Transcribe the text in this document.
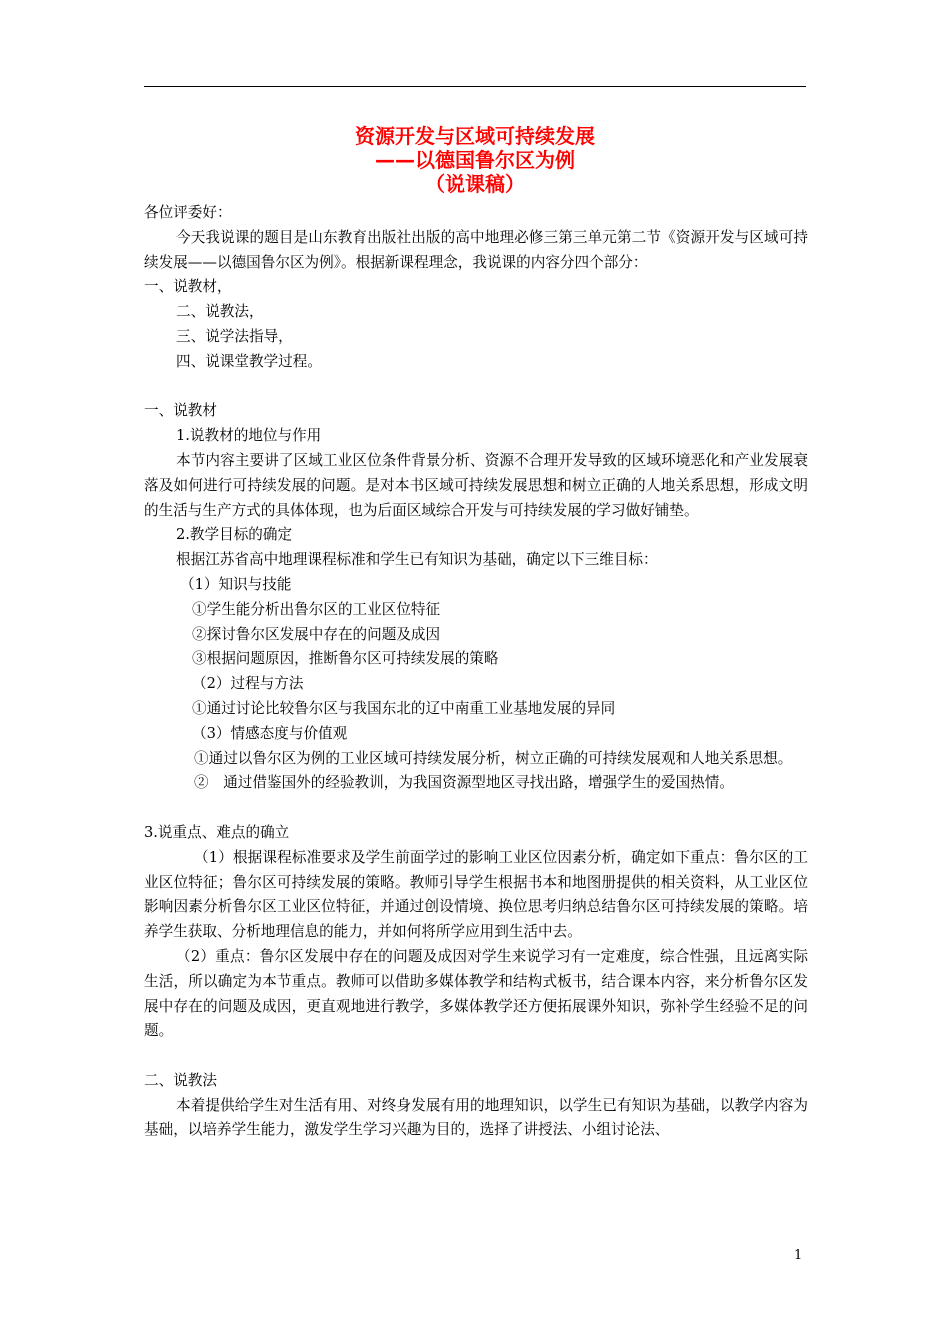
资源开发与区域可持续发展
——以德国鲁尔区为例
（说课稿）

各位评委好：

今天我说课的题目是山东教育出版社出版的高中地理必修三第三单元第二节《资源开发与区域可持续发展——以德国鲁尔区为例》。根据新课程理念，我说课的内容分四个部分：

一、说教材，

二、说教法，

三、说学法指导，

四、说课堂教学过程。

一、说教材

1.说教材的地位与作用

本节内容主要讲了区域工业区位条件背景分析、资源不合理开发导致的区域环境恶化和产业发展衰落及如何进行可持续发展的问题。是对本书区域可持续发展思想和树立正确的人地关系思想，形成文明的生活与生产方式的具体体现，也为后面区域综合开发与可持续发展的学习做好铺垫。

2.教学目标的确定

根据江苏省高中地理课程标准和学生已有知识为基础，确定以下三维目标：

（1）知识与技能

①学生能分析出鲁尔区的工业区位特征

②探讨鲁尔区发展中存在的问题及成因

③根据问题原因，推断鲁尔区可持续发展的策略

（2）过程与方法

①通过讨论比较鲁尔区与我国东北的辽中南重工业基地发展的异同

（3）情感态度与价值观

①通过以鲁尔区为例的工业区域可持续发展分析，树立正确的可持续发展观和人地关系思想。

②　通过借鉴国外的经验教训，为我国资源型地区寻找出路，增强学生的爱国热情。

3.说重点、难点的确立

（1）根据课程标准要求及学生前面学过的影响工业区位因素分析，确定如下重点：鲁尔区的工业区位特征；鲁尔区可持续发展的策略。教师引导学生根据书本和地图册提供的相关资料，从工业区位影响因素分析鲁尔区工业区位特征，并通过创设情境、换位思考归纳总结鲁尔区可持续发展的策略。培养学生获取、分析地理信息的能力，并如何将所学应用到生活中去。

（2）重点：鲁尔区发展中存在的问题及成因对学生来说学习有一定难度，综合性强，且远离实际生活，所以确定为本节重点。教师可以借助多媒体教学和结构式板书，结合课本内容，来分析鲁尔区发展中存在的问题及成因，更直观地进行教学，多媒体教学还方便拓展课外知识，弥补学生经验不足的问题。

二、说教法

本着提供给学生对生活有用、对终身发展有用的地理知识，以学生已有知识为基础，以教学内容为基础，以培养学生能力，激发学生学习兴趣为目的，选择了讲授法、小组讨论法、

1
